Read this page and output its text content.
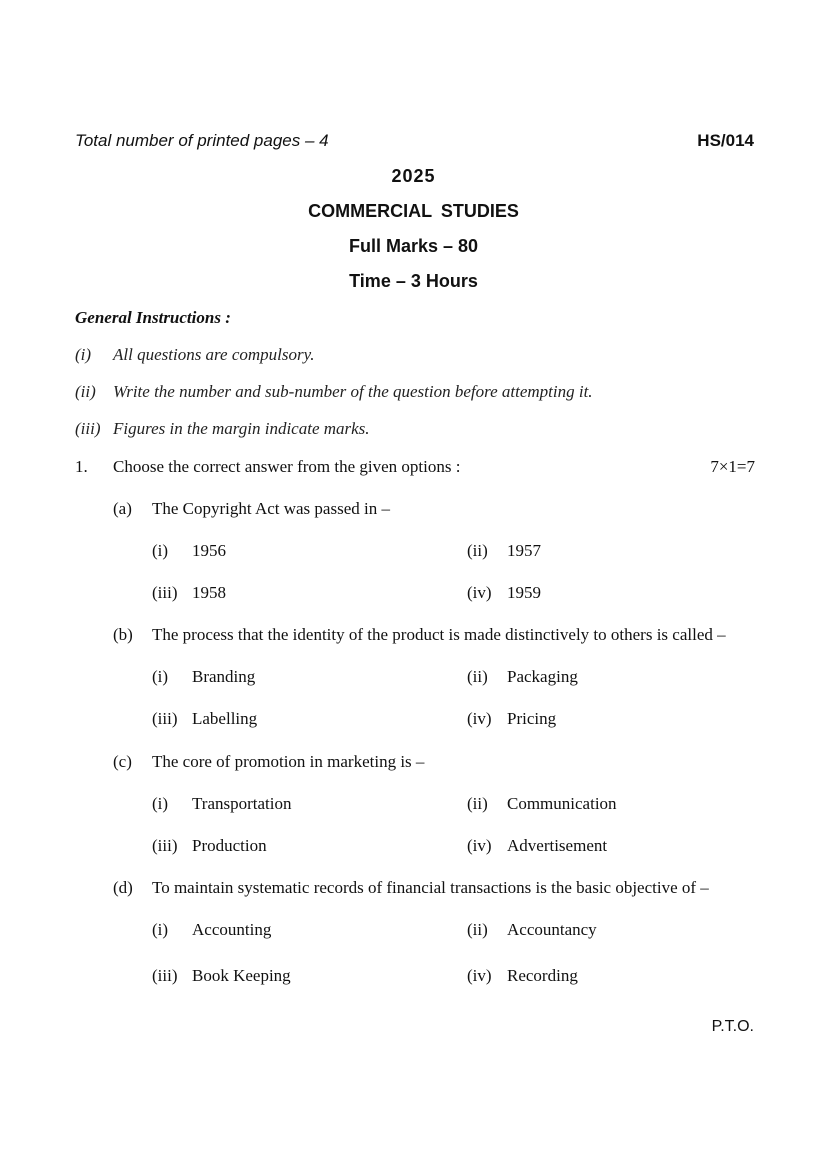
Total number of printed pages – 4	HS/014
2025
COMMERCIAL STUDIES
Full Marks – 80
Time – 3 Hours
General Instructions :
(i) All questions are compulsory.
(ii) Write the number and sub-number of the question before attempting it.
(iii) Figures in the margin indicate marks.
1. Choose the correct answer from the given options :	7×1=7
(a) The Copyright Act was passed in –
(i) 1956	(ii) 1957
(iii) 1958	(iv) 1959
(b) The process that the identity of the product is made distinctively to others is called –
(i) Branding	(ii) Packaging
(iii) Labelling	(iv) Pricing
(c) The core of promotion in marketing is –
(i) Transportation	(ii) Communication
(iii) Production	(iv) Advertisement
(d) To maintain systematic records of financial transactions is the basic objective of –
(i) Accounting	(ii) Accountancy
(iii) Book Keeping	(iv) Recording
P.T.O.
